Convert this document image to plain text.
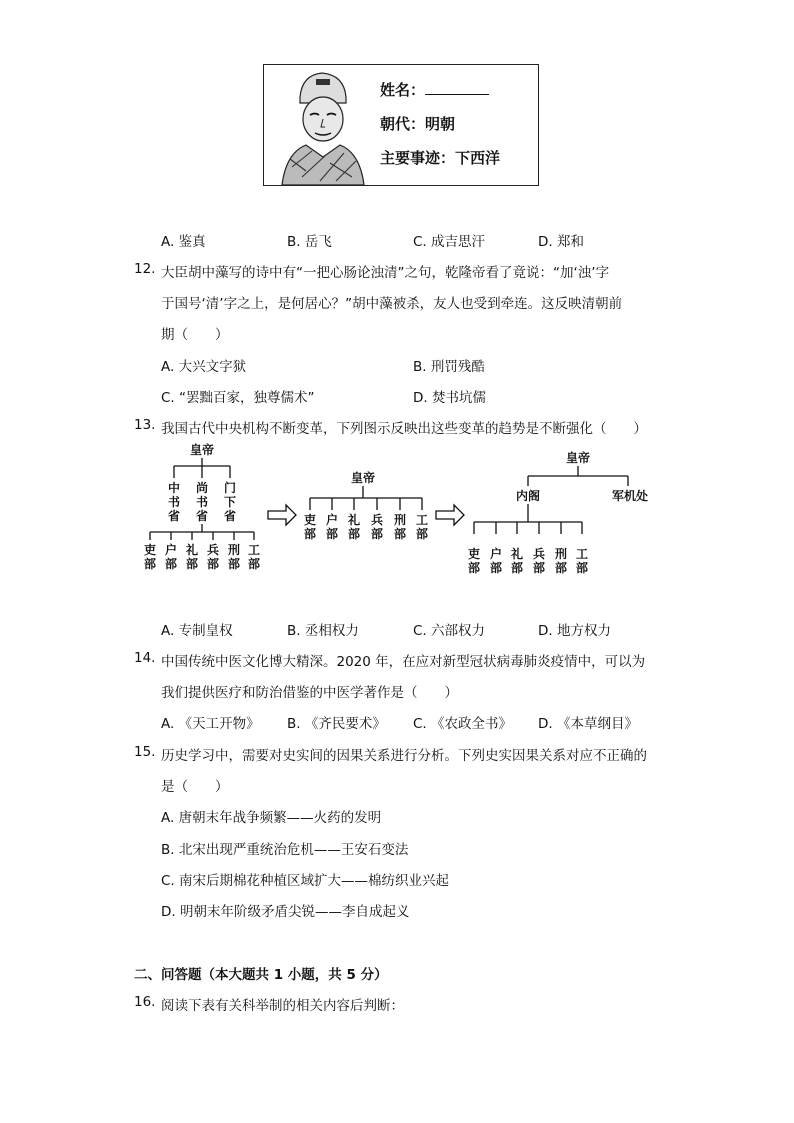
姓名：
朝代：明朝
主要事迹：下西洋
A. 鉴真	B. 岳飞	C. 成吉思汗	D. 郑和
12. 大臣胡中藻写的诗中有“一把心肠论浊清”之句，乾隆帝看了竟说：“加‘浊’字
于国号‘清’字之上，是何居心？”胡中藻被杀，友人也受到牵连。这反映清朝前
期（　　）
A. 大兴文字狱	B. 刑罚残酷
C. “罢黜百家，独尊儒术”	D. 焚书坑儒
13. 我国古代中央机构不断变革，下列图示反映出这些变革的趋势是不断强化（　　）
皇帝
中书省
尚书省
门下省
吏部
户部
礼部
兵部
刑部
工部
皇帝
吏部
户部
礼部
兵部
刑部
工部
皇帝
内阁	军机处
吏部
户部
礼部
兵部
刑部
工部
A. 专制皇权	B. 丞相权力	C. 六部权力	D. 地方权力
14. 中国传统中医文化博大精深。2020 年，在应对新型冠状病毒肺炎疫情中，可以为
我们提供医疗和防治借鉴的中医学著作是（　　）
A. 《天工开物》 B. 《齐民要术》 C. 《农政全书》 D. 《本草纲目》
15. 历史学习中，需要对史实间的因果关系进行分析。下列史实因果关系对应不正确的
是（　　）
A. 唐朝末年战争频繁——火药的发明
B. 北宋出现严重统治危机——王安石变法
C. 南宋后期棉花种植区域扩大——棉纺织业兴起
D. 明朝末年阶级矛盾尖锐——李自成起义
二、问答题（本大题共 1 小题，共 5 分）
16. 阅读下表有关科举制的相关内容后判断：
